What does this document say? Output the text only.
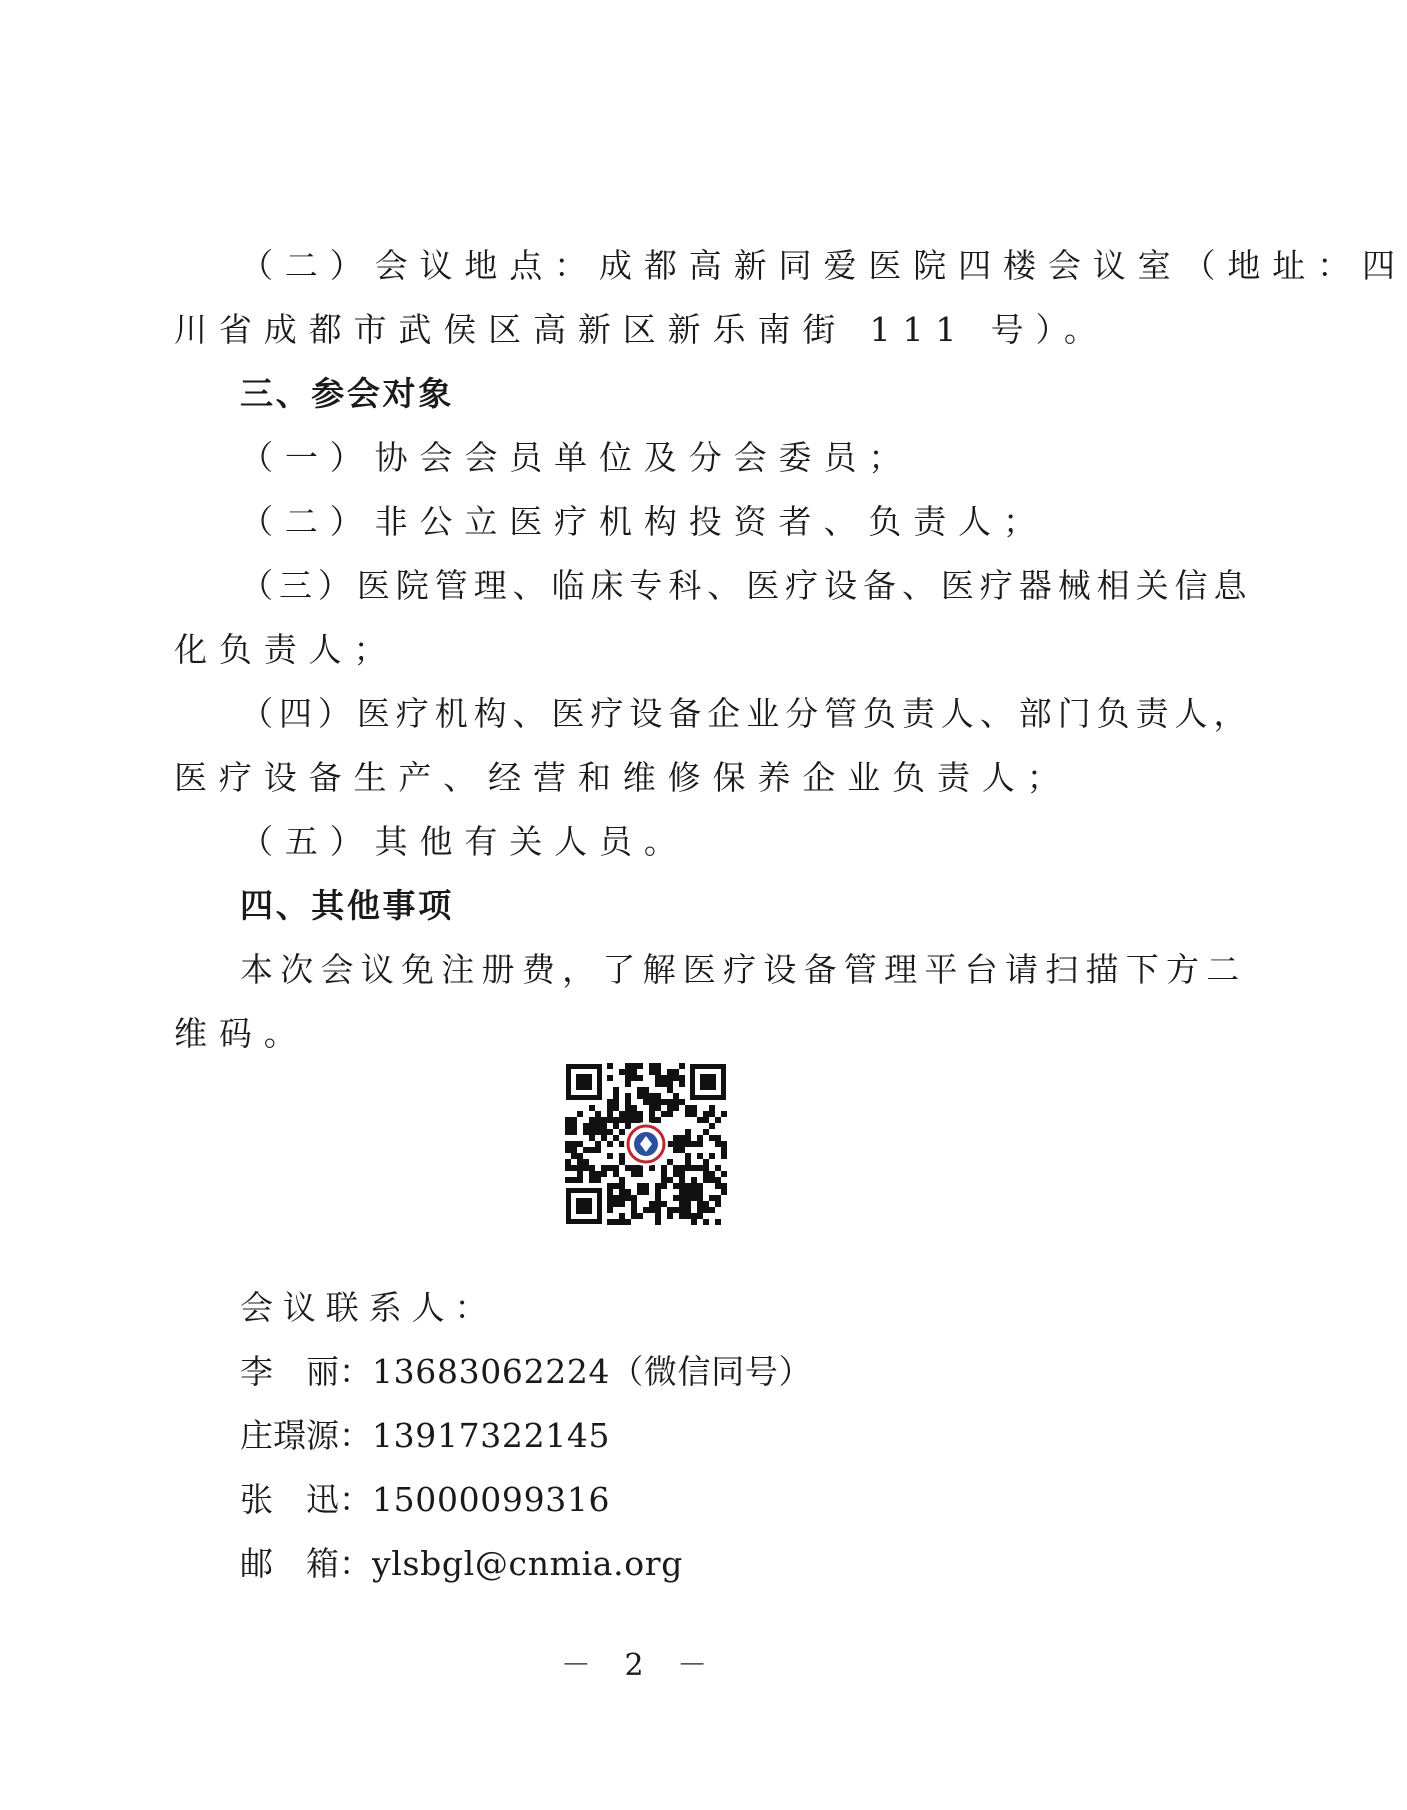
（二）会议地点：成都高新同爱医院四楼会议室（地址：四
川省成都市武侯区高新区新乐南街 111 号）。
三、参会对象
（一）协会会员单位及分会委员；
（二）非公立医疗机构投资者、负责人；
（三）医院管理、临床专科、医疗设备、医疗器械相关信息
化负责人；
（四）医疗机构、医疗设备企业分管负责人、部门负责人，
医疗设备生产、经营和维修保养企业负责人；
（五）其他有关人员。
四、其他事项
本次会议免注册费，了解医疗设备管理平台请扫描下方二
维码。
会议联系人：
李　丽：13683062224（微信同号）
庄璟源：13917322145
张　迅：15000099316
邮　箱：ylsbgl@cnmia.org
－ 2 －
